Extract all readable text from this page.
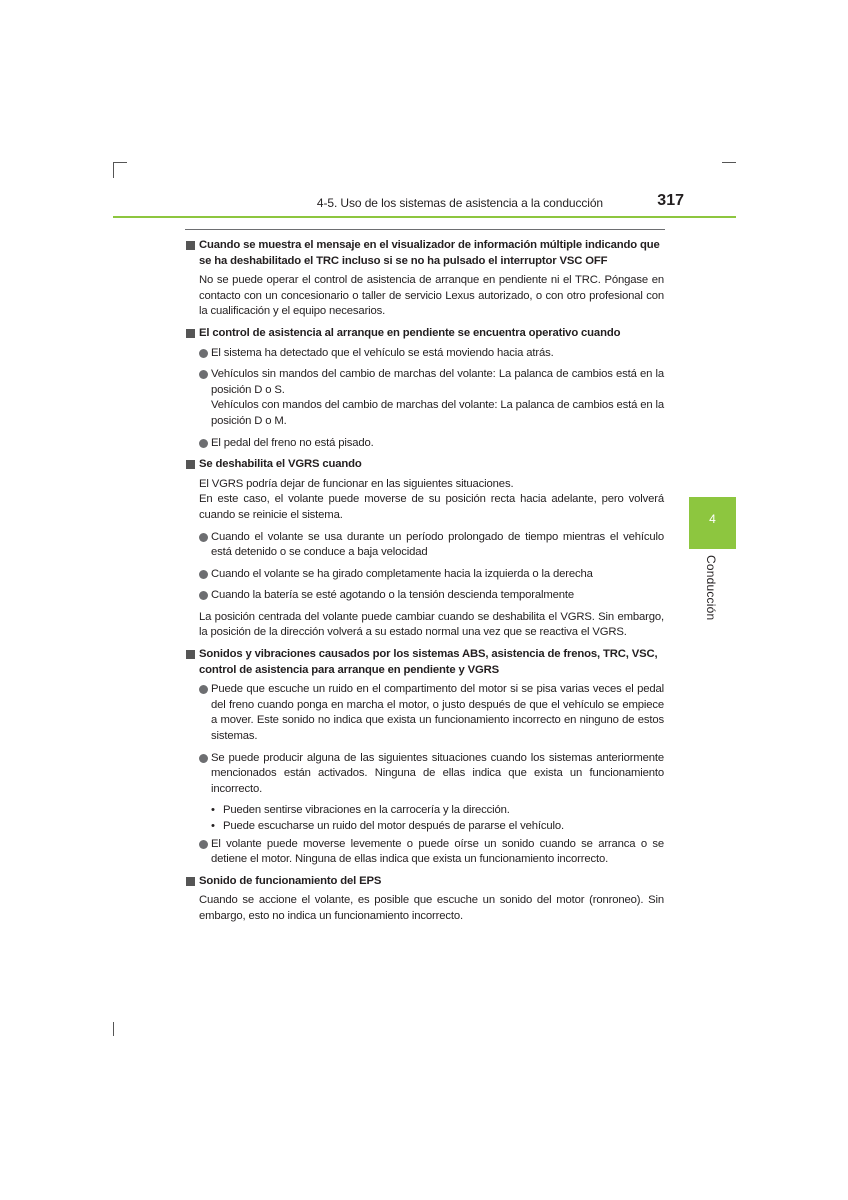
4-5. Uso de los sistemas de asistencia a la conducción	317
4
Conducción
Cuando se muestra el mensaje en el visualizador de información múltiple indicando que se ha deshabilitado el TRC incluso si se no ha pulsado el interruptor VSC OFF
No se puede operar el control de asistencia de arranque en pendiente ni el TRC. Póngase en contacto con un concesionario o taller de servicio Lexus autorizado, o con otro profesional con la cualificación y el equipo necesarios.
El control de asistencia al arranque en pendiente se encuentra operativo cuando
El sistema ha detectado que el vehículo se está moviendo hacia atrás.
Vehículos sin mandos del cambio de marchas del volante: La palanca de cambios está en la posición D o S.
Vehículos con mandos del cambio de marchas del volante: La palanca de cambios está en la posición D o M.
El pedal del freno no está pisado.
Se deshabilita el VGRS cuando
El VGRS podría dejar de funcionar en las siguientes situaciones.
En este caso, el volante puede moverse de su posición recta hacia adelante, pero volverá cuando se reinicie el sistema.
Cuando el volante se usa durante un período prolongado de tiempo mientras el vehículo está detenido o se conduce a baja velocidad
Cuando el volante se ha girado completamente hacia la izquierda o la derecha
Cuando la batería se esté agotando o la tensión descienda temporalmente
La posición centrada del volante puede cambiar cuando se deshabilita el VGRS. Sin embargo, la posición de la dirección volverá a su estado normal una vez que se reactiva el VGRS.
Sonidos y vibraciones causados por los sistemas ABS, asistencia de frenos, TRC, VSC, control de asistencia para arranque en pendiente y VGRS
Puede que escuche un ruido en el compartimento del motor si se pisa varias veces el pedal del freno cuando ponga en marcha el motor, o justo después de que el vehículo se empiece a mover. Este sonido no indica que exista un funcionamiento incorrecto en ninguno de estos sistemas.
Se puede producir alguna de las siguientes situaciones cuando los sistemas anteriormente mencionados están activados. Ninguna de ellas indica que exista un funcionamiento incorrecto.
• Pueden sentirse vibraciones en la carrocería y la dirección.
• Puede escucharse un ruido del motor después de pararse el vehículo.
El volante puede moverse levemente o puede oírse un sonido cuando se arranca o se detiene el motor. Ninguna de ellas indica que exista un funcionamiento incorrecto.
Sonido de funcionamiento del EPS
Cuando se accione el volante, es posible que escuche un sonido del motor (ronroneo). Sin embargo, esto no indica un funcionamiento incorrecto.
